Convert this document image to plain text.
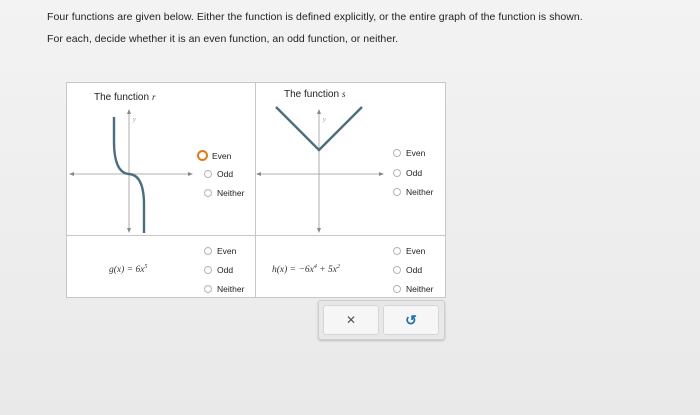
Four functions are given below. Either the function is defined explicitly, or the entire graph of the function is shown.
For each, decide whether it is an even function, an odd function, or neither.
The function r
y
The function s
y
Even
Odd
Neither
Even
Odd
Neither
$g(x) = 6x^5$
Even
Odd
Neither
$h(x) = -6x^4 + 5x^2$
Even
Odd
Neither
✕	↺
